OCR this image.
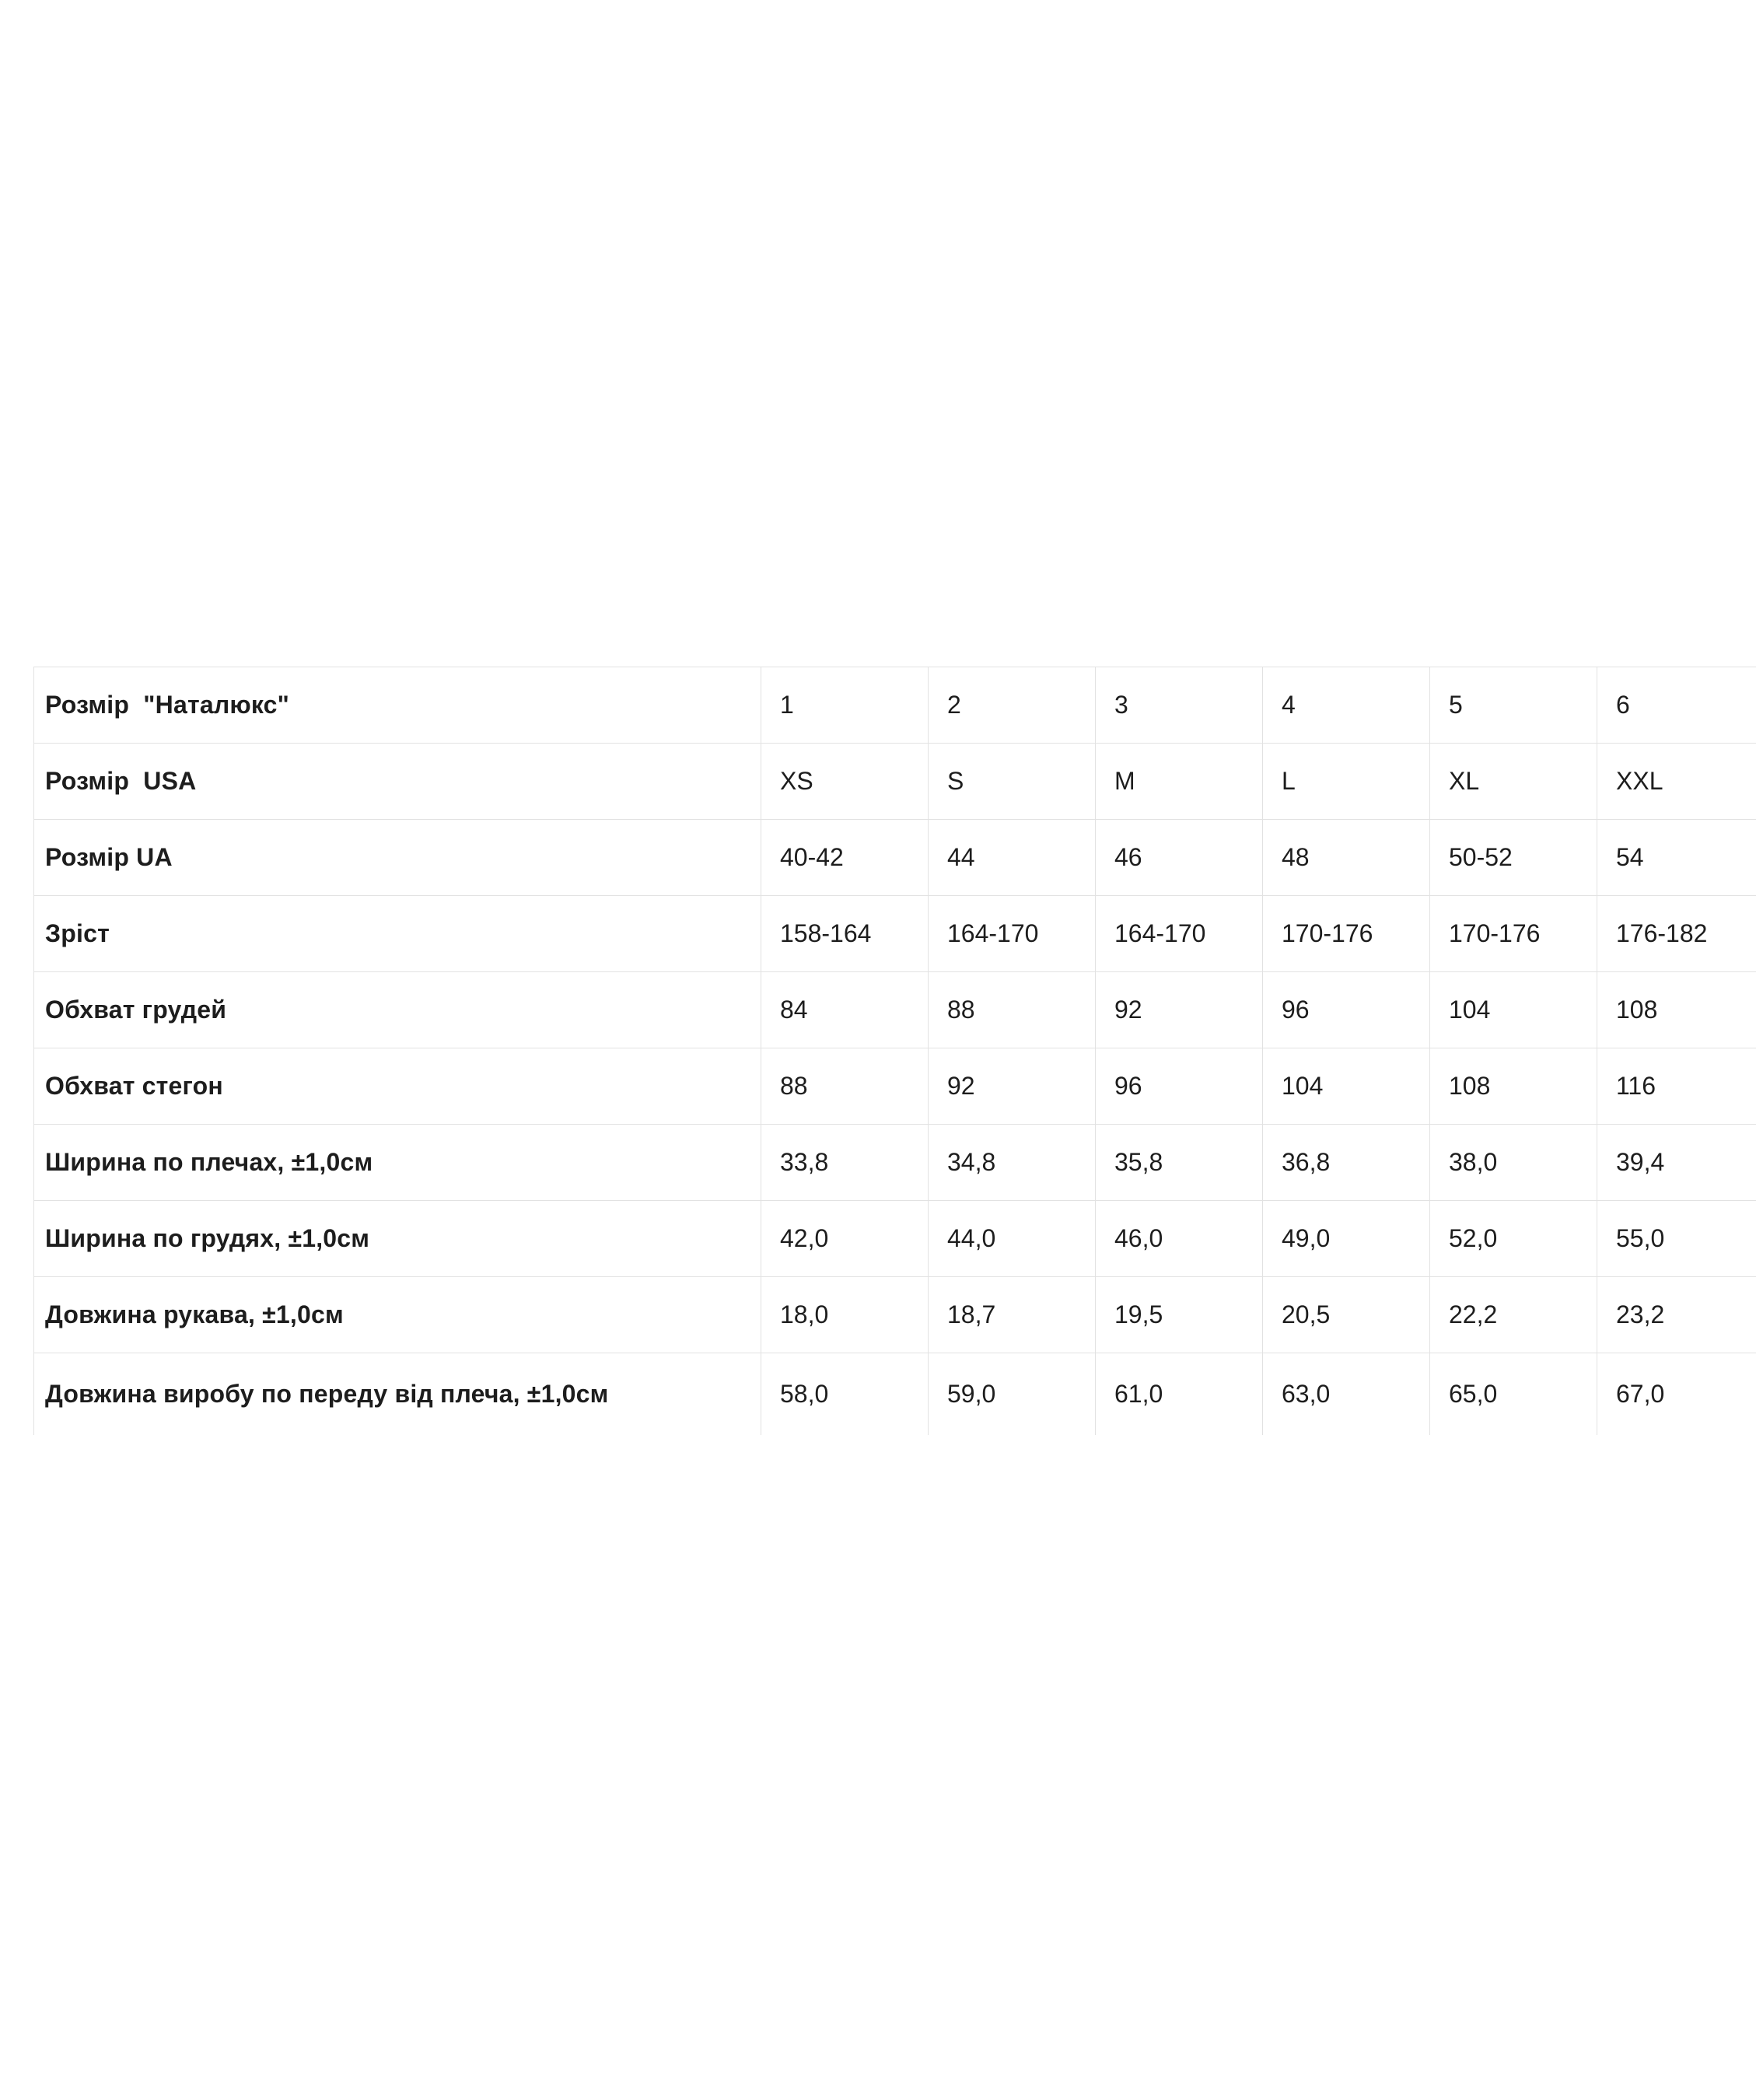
Розмір  "Наталюкс"	1	2	3	4	5	6
Розмір  USA	XS	S	M	L	XL	XXL
Розмір UA	40-42	44	46	48	50-52	54
Зріст	158-164	164-170	164-170	170-176	170-176	176-182
Обхват грудей	84	88	92	96	104	108
Обхват стегон	88	92	96	104	108	116
Ширина по плечах, ±1,0см	33,8	34,8	35,8	36,8	38,0	39,4
Ширина по грудях, ±1,0см	42,0	44,0	46,0	49,0	52,0	55,0
Довжина рукава, ±1,0см	18,0	18,7	19,5	20,5	22,2	23,2
Довжина виробу по переду від плеча, ±1,0см	58,0	59,0	61,0	63,0	65,0	67,0
